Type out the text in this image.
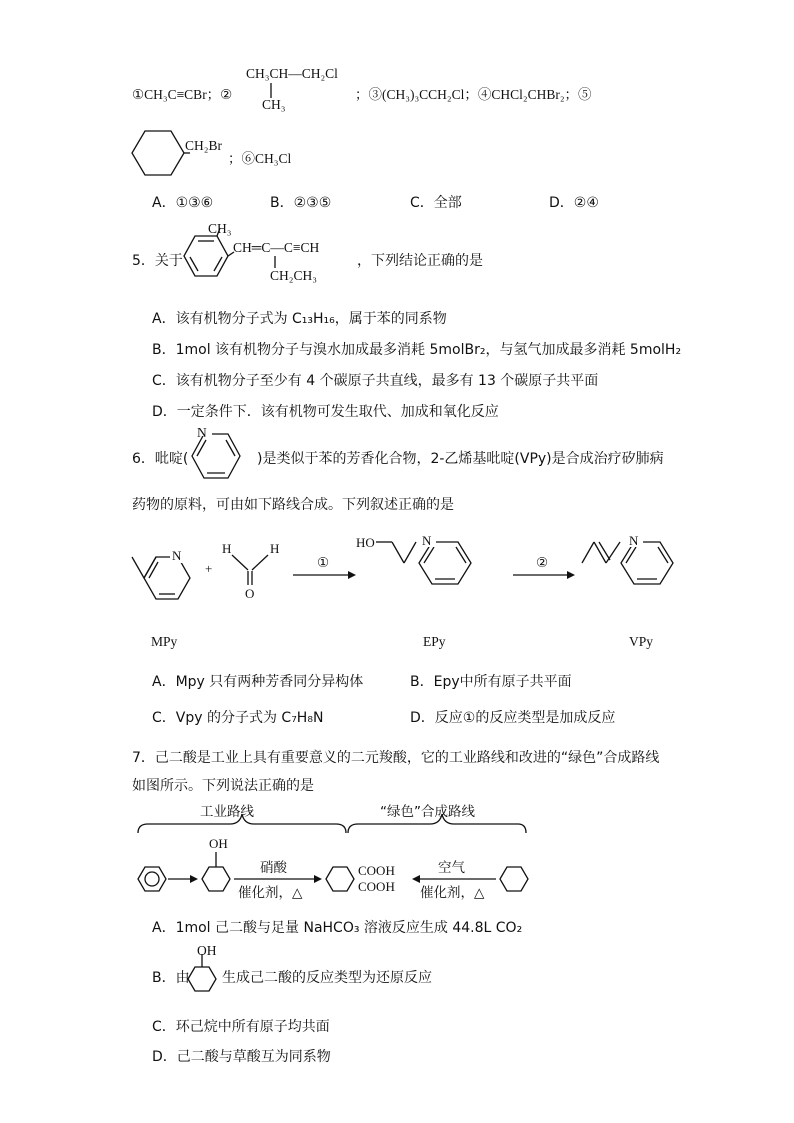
①CH₃C≡CBr；②
CH₃CH—CH₂Cl
CH₃
；③(CH₃)₃CCH₂Cl；④CHCl₂CHBr₂；⑤
CH₂Br
；⑥CH₃Cl
A．①③⑥	B．②③⑤	C．全部	D．②④
5．关于
CH₃
CH═C—C≡CH
CH₂CH₃
，下列结论正确的是
A．该有机物分子式为 C₁₃H₁₆，属于苯的同系物
B．1mol 该有机物分子与溴水加成最多消耗 5molBr₂，与氢气加成最多消耗 5molH₂
C．该有机物分子至少有 4 个碳原子共直线，最多有 13 个碳原子共平面
D．一定条件下．该有机物可发生取代、加成和氧化反应
6．吡啶(
N
)是类似于苯的芳香化合物，2-乙烯基吡啶(VPy)是合成治疗矽肺病
药物的原料，可由如下路线合成。下列叙述正确的是
N
+
H	H
O
①
HO	N
②
N
MPy	EPy	VPy
A．Mpy 只有两种芳香同分异构体	B．Epy中所有原子共平面
C．Vpy 的分子式为 C₇H₈N	D．反应①的反应类型是加成反应
7．己二酸是工业上具有重要意义的二元羧酸，它的工业路线和改进的“绿色”合成路线
如图所示。下列说法正确的是
工业路线	“绿色”合成路线
OH
硝酸
催化剂，△
COOH
COOH
空气
催化剂，△
A．1mol 己二酸与足量 NaHCO₃ 溶液反应生成 44.8L CO₂
B．由
OH
生成己二酸的反应类型为还原反应
C．环己烷中所有原子均共面
D．己二酸与草酸互为同系物
